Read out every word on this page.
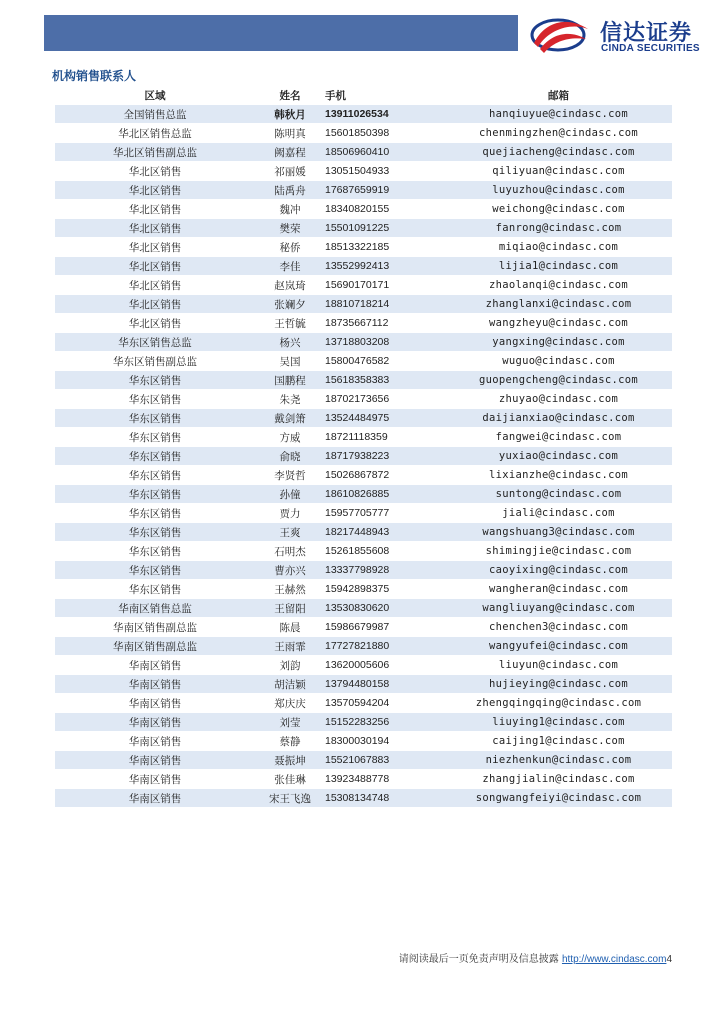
信达证券
CINDA SECURITIES
机构销售联系人
区域	姓名	手机	邮箱
全国销售总监	韩秋月	13911026534	hanqiuyue@cindasc.com
华北区销售总监	陈明真	15601850398	chenmingzhen@cindasc.com
华北区销售副总监	阙嘉程	18506960410	quejiacheng@cindasc.com
华北区销售	祁丽媛	13051504933	qiliyuan@cindasc.com
华北区销售	陆禹舟	17687659919	luyuzhou@cindasc.com
华北区销售	魏冲	18340820155	weichong@cindasc.com
华北区销售	樊荣	15501091225	fanrong@cindasc.com
华北区销售	秘侨	18513322185	miqiao@cindasc.com
华北区销售	李佳	13552992413	lijia1@cindasc.com
华北区销售	赵岚琦	15690170171	zhaolanqi@cindasc.com
华北区销售	张斓夕	18810718214	zhanglanxi@cindasc.com
华北区销售	王哲毓	18735667112	wangzheyu@cindasc.com
华东区销售总监	杨兴	13718803208	yangxing@cindasc.com
华东区销售副总监	吴国	15800476582	wuguo@cindasc.com
华东区销售	国鹏程	15618358383	guopengcheng@cindasc.com
华东区销售	朱尧	18702173656	zhuyao@cindasc.com
华东区销售	戴剑箫	13524484975	daijianxiao@cindasc.com
华东区销售	方威	18721118359	fangwei@cindasc.com
华东区销售	俞晓	18717938223	yuxiao@cindasc.com
华东区销售	李贤哲	15026867872	lixianzhe@cindasc.com
华东区销售	孙僮	18610826885	suntong@cindasc.com
华东区销售	贾力	15957705777	jiali@cindasc.com
华东区销售	王爽	18217448943	wangshuang3@cindasc.com
华东区销售	石明杰	15261855608	shimingjie@cindasc.com
华东区销售	曹亦兴	13337798928	caoyixing@cindasc.com
华东区销售	王赫然	15942898375	wangheran@cindasc.com
华南区销售总监	王留阳	13530830620	wangliuyang@cindasc.com
华南区销售副总监	陈晨	15986679987	chenchen3@cindasc.com
华南区销售副总监	王雨霏	17727821880	wangyufei@cindasc.com
华南区销售	刘韵	13620005606	liuyun@cindasc.com
华南区销售	胡洁颖	13794480158	hujieying@cindasc.com
华南区销售	郑庆庆	13570594204	zhengqingqing@cindasc.com
华南区销售	刘莹	15152283256	liuying1@cindasc.com
华南区销售	蔡静	18300030194	caijing1@cindasc.com
华南区销售	聂振坤	15521067883	niezhenkun@cindasc.com
华南区销售	张佳琳	13923488778	zhangjialin@cindasc.com
华南区销售	宋王飞逸	15308134748	songwangfeiyi@cindasc.com
请阅读最后一页免责声明及信息披露 http://www.cindasc.com4
